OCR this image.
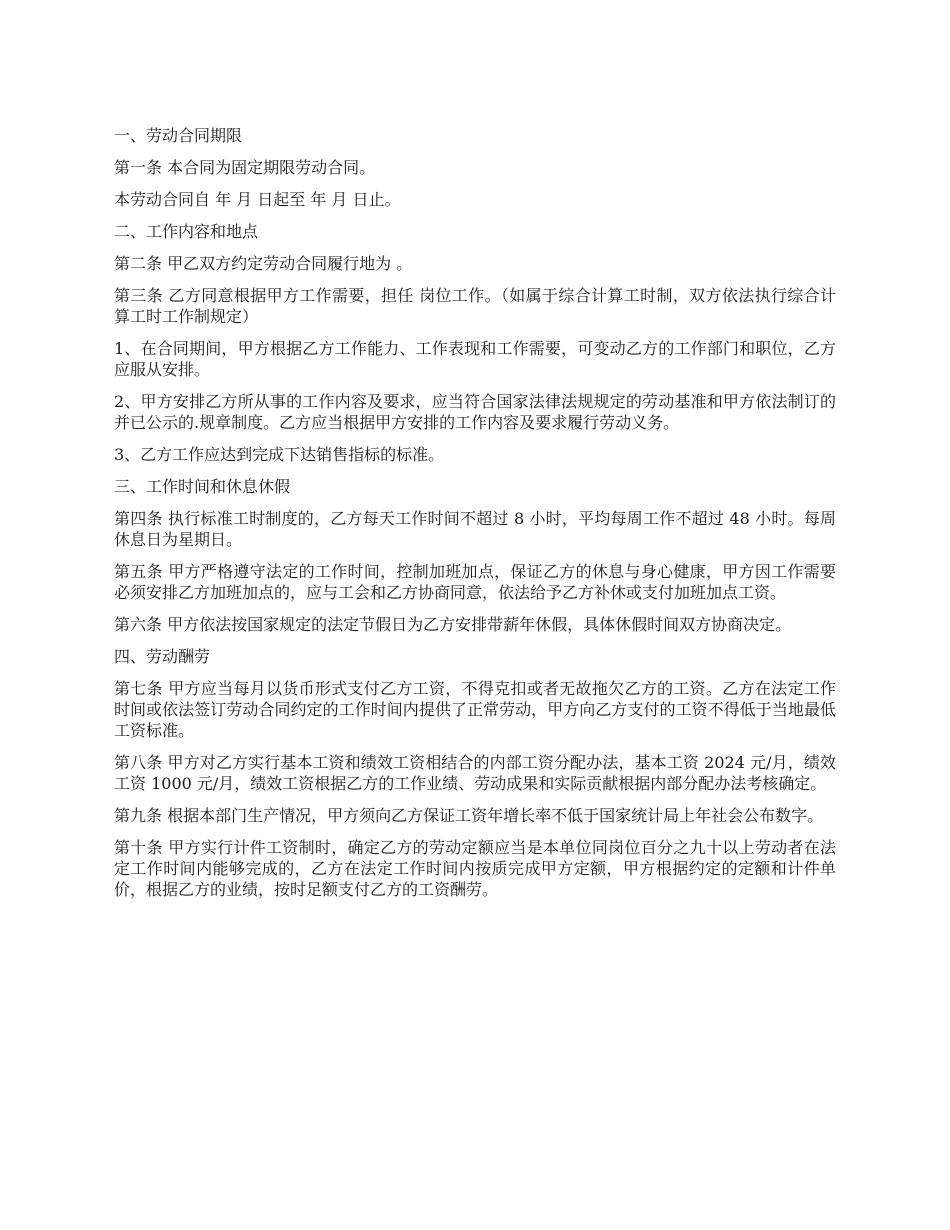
一、劳动合同期限

第一条 本合同为固定期限劳动合同。

本劳动合同自 年 月 日起至 年 月 日止。

二、工作内容和地点

第二条 甲乙双方约定劳动合同履行地为 。

第三条 乙方同意根据甲方工作需要，担任 岗位工作。（如属于综合计算工时制，双方依法执行综合计算工时工作制规定）

1、在合同期间，甲方根据乙方工作能力、工作表现和工作需要，可变动乙方的工作部门和职位，乙方应服从安排。

2、甲方安排乙方所从事的工作内容及要求，应当符合国家法律法规规定的劳动基准和甲方依法制订的并已公示的.规章制度。乙方应当根据甲方安排的工作内容及要求履行劳动义务。

3、乙方工作应达到完成下达销售指标的标准。

三、工作时间和休息休假

第四条 执行标准工时制度的，乙方每天工作时间不超过 8 小时，平均每周工作不超过 48 小时。每周休息日为星期日。

第五条 甲方严格遵守法定的工作时间，控制加班加点，保证乙方的休息与身心健康，甲方因工作需要必须安排乙方加班加点的，应与工会和乙方协商同意，依法给予乙方补休或支付加班加点工资。

第六条 甲方依法按国家规定的法定节假日为乙方安排带薪年休假，具体休假时间双方协商决定。

四、劳动酬劳

第七条 甲方应当每月以货币形式支付乙方工资，不得克扣或者无故拖欠乙方的工资。乙方在法定工作时间或依法签订劳动合同约定的工作时间内提供了正常劳动，甲方向乙方支付的工资不得低于当地最低工资标准。

第八条 甲方对乙方实行基本工资和绩效工资相结合的内部工资分配办法，基本工资 2024 元/月，绩效工资 1000 元/月，绩效工资根据乙方的工作业绩、劳动成果和实际贡献根据内部分配办法考核确定。

第九条 根据本部门生产情况，甲方须向乙方保证工资年增长率不低于国家统计局上年社会公布数字。

第十条 甲方实行计件工资制时，确定乙方的劳动定额应当是本单位同岗位百分之九十以上劳动者在法定工作时间内能够完成的，乙方在法定工作时间内按质完成甲方定额，甲方根据约定的定额和计件单价，根据乙方的业绩，按时足额支付乙方的工资酬劳。
